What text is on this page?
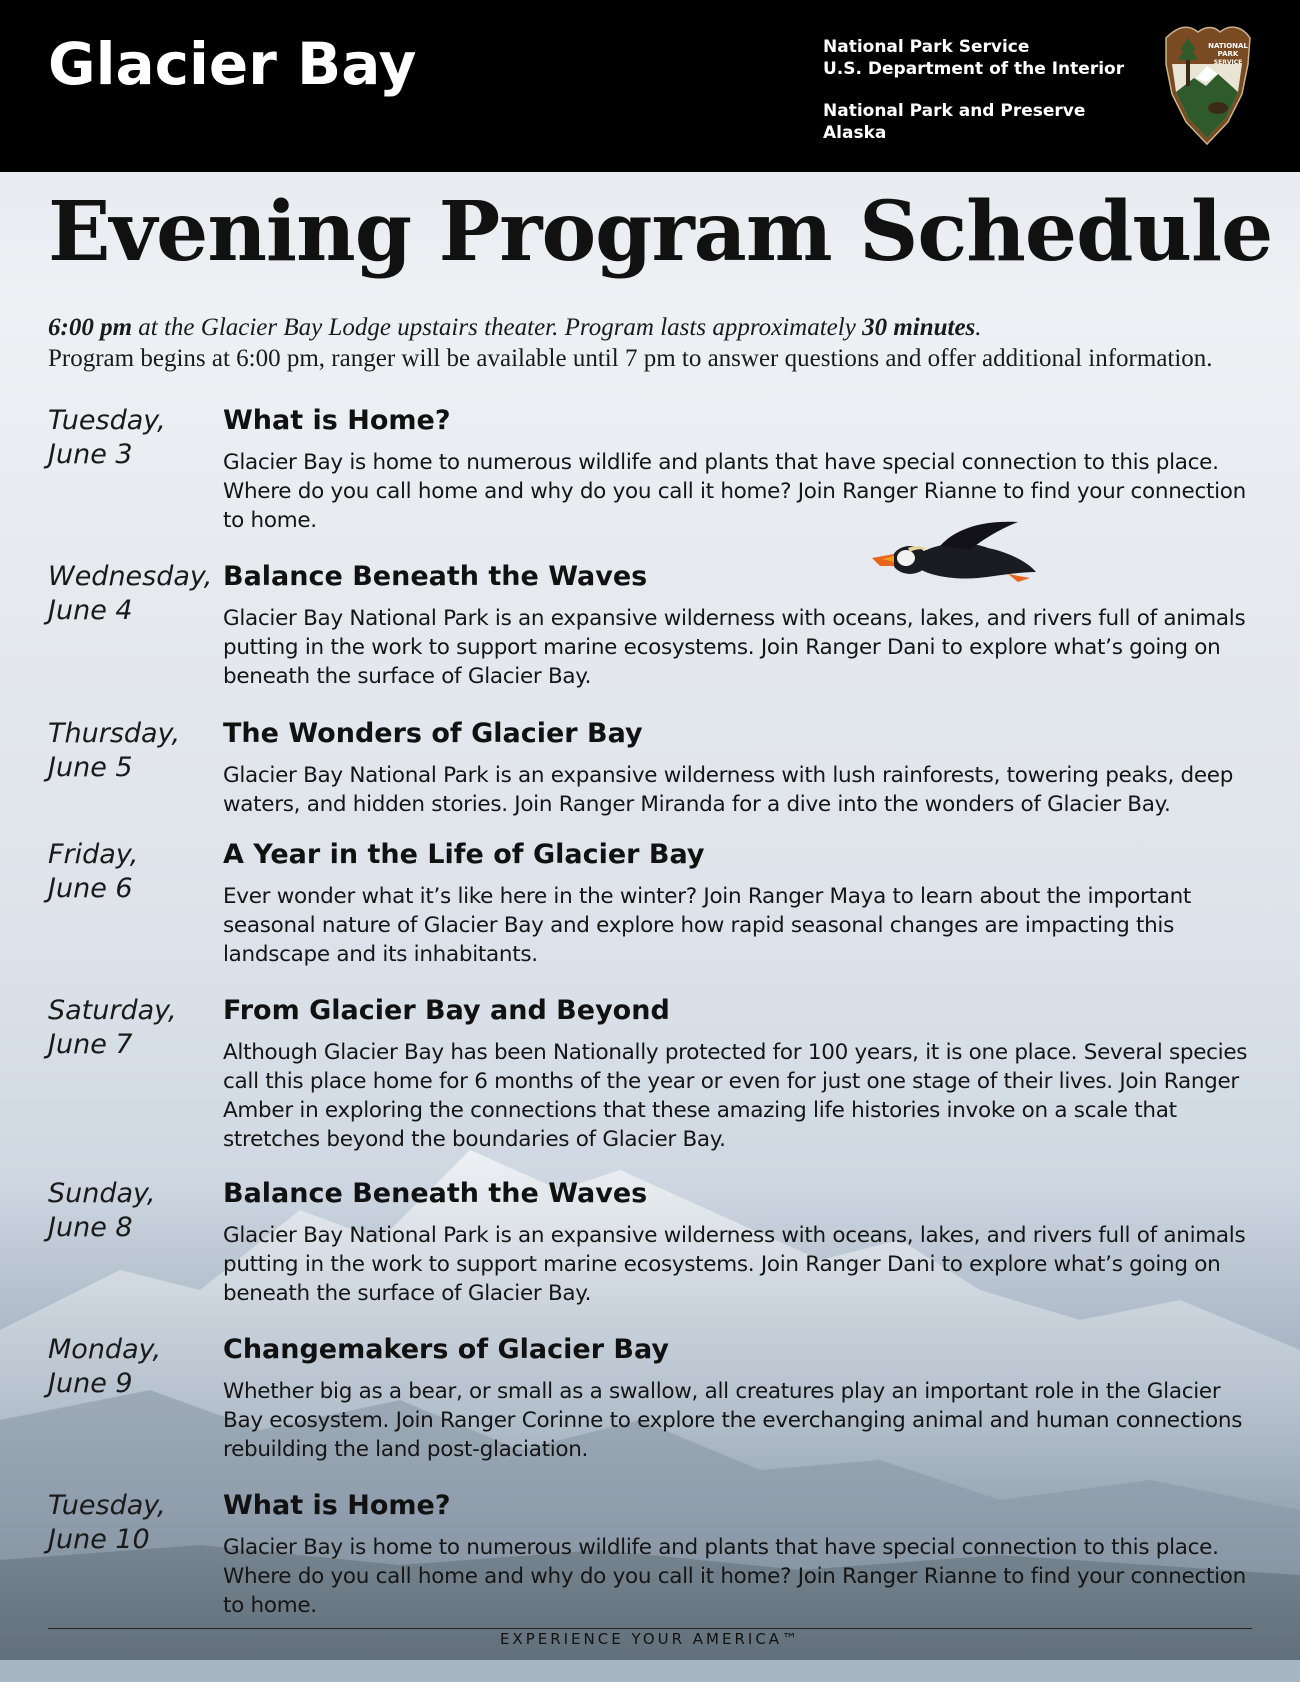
Glacier Bay	National Park Service
U.S. Department of the Interior
National Park and Preserve
Alaska
NATIONAL
PARK
SERVICE
Evening Program Schedule
6:00 pm at the Glacier Bay Lodge upstairs theater. Program lasts approximately 30 minutes.
Program begins at 6:00 pm, ranger will be available until 7 pm to answer questions and offer additional information.
Tuesday,
June 3
What is Home?
Glacier Bay is home to numerous wildlife and plants that have special connection to this place. Where do you call home and why do you call it home? Join Ranger Rianne to find your connection to home.
Wednesday,
June 4
Balance Beneath the Waves
Glacier Bay National Park is an expansive wilderness with oceans, lakes, and rivers full of animals putting in the work to support marine ecosystems. Join Ranger Dani to explore what’s going on beneath the surface of Glacier Bay.
Thursday,
June 5
The Wonders of Glacier Bay
Glacier Bay National Park is an expansive wilderness with lush rainforests, towering peaks, deep waters, and hidden stories. Join Ranger Miranda for a dive into the wonders of Glacier Bay.
Friday,
June 6
A Year in the Life of Glacier Bay
Ever wonder what it’s like here in the winter? Join Ranger Maya to learn about the important seasonal nature of Glacier Bay and explore how rapid seasonal changes are impacting this landscape and its inhabitants.
Saturday,
June 7
From Glacier Bay and Beyond
Although Glacier Bay has been Nationally protected for 100 years, it is one place. Several species call this place home for 6 months of the year or even for just one stage of their lives. Join Ranger Amber in exploring the connections that these amazing life histories invoke on a scale that stretches beyond the boundaries of Glacier Bay.
Sunday,
June 8
Balance Beneath the Waves
Glacier Bay National Park is an expansive wilderness with oceans, lakes, and rivers full of animals putting in the work to support marine ecosystems. Join Ranger Dani to explore what’s going on beneath the surface of Glacier Bay.
Monday,
June 9
Changemakers of Glacier Bay
Whether big as a bear, or small as a swallow, all creatures play an important role in the Glacier Bay ecosystem. Join Ranger Corinne to explore the everchanging animal and human connections rebuilding the land post-glaciation.
Tuesday,
June 10
What is Home?
Glacier Bay is home to numerous wildlife and plants that have special connection to this place. Where do you call home and why do you call it home? Join Ranger Rianne to find your connection to home.
EXPERIENCE YOUR AMERICA™
